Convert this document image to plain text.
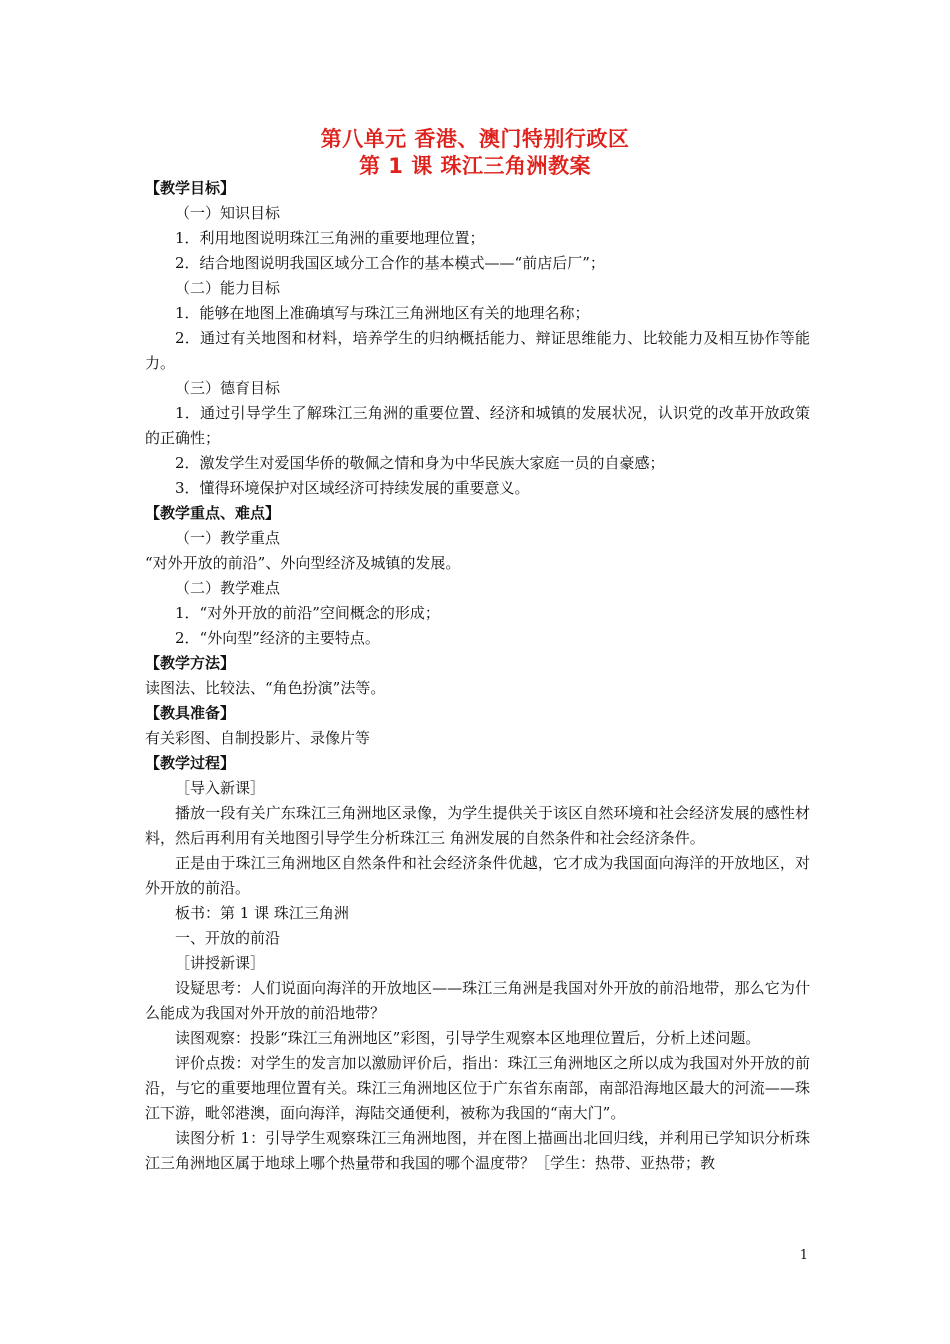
第八单元 香港、澳门特别行政区
第 1 课 珠江三角洲教案

【教学目标】

（一）知识目标

1．利用地图说明珠江三角洲的重要地理位置；

2．结合地图说明我国区域分工合作的基本模式——“前店后厂”；

（二）能力目标

1．能够在地图上准确填写与珠江三角洲地区有关的地理名称；

2．通过有关地图和材料，培养学生的归纳概括能力、辩证思维能力、比较能力及相互协作等能力。

（三）德育目标

1．通过引导学生了解珠江三角洲的重要位置、经济和城镇的发展状况，认识党的改革开放政策的正确性；

2．激发学生对爱国华侨的敬佩之情和身为中华民族大家庭一员的自豪感；

3．懂得环境保护对区域经济可持续发展的重要意义。

【教学重点、难点】

（一）教学重点

“对外开放的前沿”、外向型经济及城镇的发展。

（二）教学难点

1．“对外开放的前沿”空间概念的形成；

2．“外向型”经济的主要特点。

【教学方法】

读图法、比较法、“角色扮演”法等。

【教具准备】

有关彩图、自制投影片、录像片等

【教学过程】

［导入新课］

播放一段有关广东珠江三角洲地区录像，为学生提供关于该区自然环境和社会经济发展的感性材料，然后再利用有关地图引导学生分析珠江三 角洲发展的自然条件和社会经济条件。

正是由于珠江三角洲地区自然条件和社会经济条件优越，它才成为我国面向海洋的开放地区，对外开放的前沿。

板书：第 1 课 珠江三角洲

一、开放的前沿

［讲授新课］

设疑思考：人们说面向海洋的开放地区——珠江三角洲是我国对外开放的前沿地带，那么它为什么能成为我国对外开放的前沿地带？

读图观察：投影“珠江三角洲地区”彩图，引导学生观察本区地理位置后，分析上述问题。

评价点拨：对学生的发言加以激励评价后，指出：珠江三角洲地区之所以成为我国对外开放的前沿，与它的重要地理位置有关。珠江三角洲地区位于广东省东南部，南部沿海地区最大的河流——珠江下游，毗邻港澳，面向海洋，海陆交通便利，被称为我国的“南大门”。

读图分析 1：引导学生观察珠江三角洲地图，并在图上描画出北回归线，并利用已学知识分析珠江三角洲地区属于地球上哪个热量带和我国的哪个温度带？［学生：热带、亚热带；教

1
